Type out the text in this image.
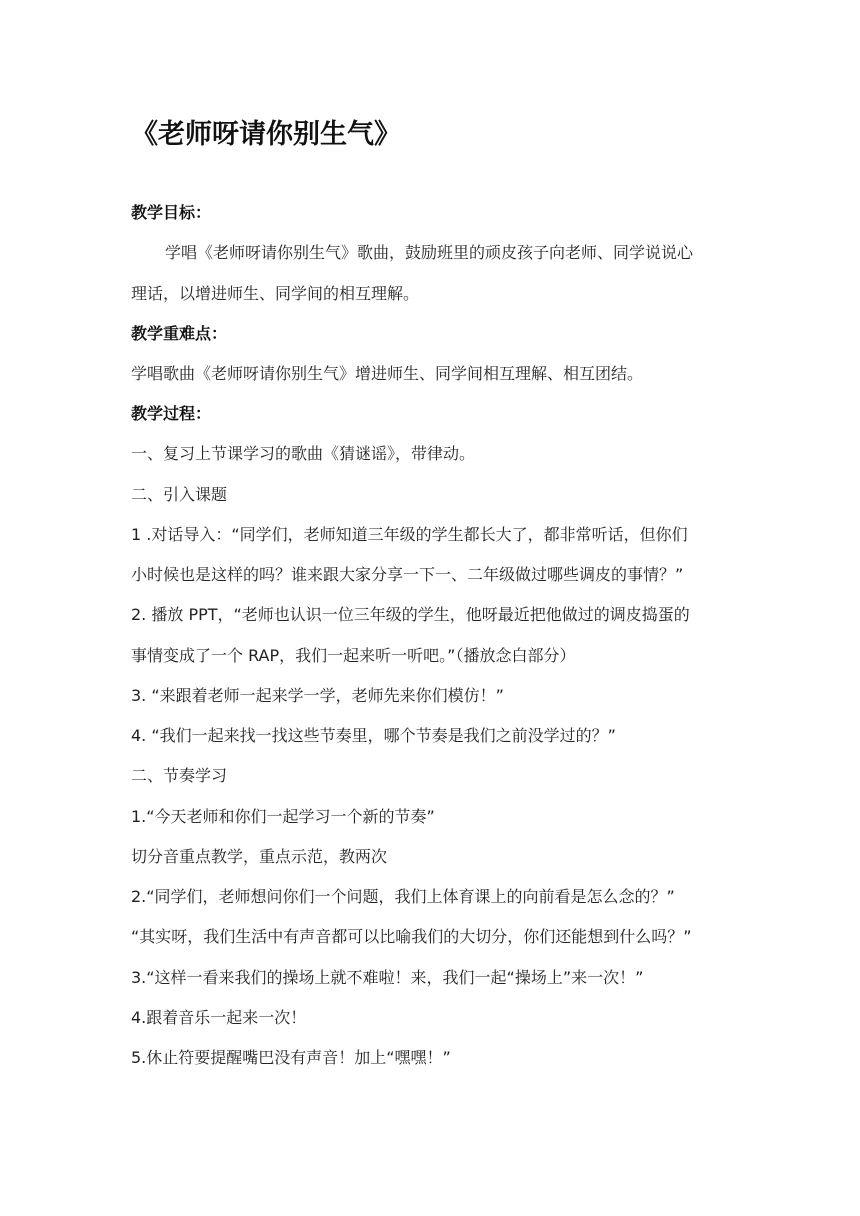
《老师呀请你别生气》
教学目标：
学唱《老师呀请你别生气》歌曲，鼓励班里的顽皮孩子向老师、同学说说心
理话，以增进师生、同学间的相互理解。
教学重难点：
学唱歌曲《老师呀请你别生气》增进师生、同学间相互理解、相互团结。
教学过程：
一、复习上节课学习的歌曲《猜谜谣》，带律动。
二、引入课题
1 .对话导入：“同学们，老师知道三年级的学生都长大了，都非常听话，但你们
小时候也是这样的吗？谁来跟大家分享一下一、二年级做过哪些调皮的事情？”
2. 播放 PPT，“老师也认识一位三年级的学生，他呀最近把他做过的调皮捣蛋的
事情变成了一个 RAP，我们一起来听一听吧。”（播放念白部分）
3. “来跟着老师一起来学一学，老师先来你们模仿！”
4. “我们一起来找一找这些节奏里，哪个节奏是我们之前没学过的？”
二、节奏学习
1.“今天老师和你们一起学习一个新的节奏”
切分音重点教学，重点示范，教两次
2.“同学们，老师想问你们一个问题，我们上体育课上的向前看是怎么念的？”
“其实呀，我们生活中有声音都可以比喻我们的大切分，你们还能想到什么吗？”
3.“这样一看来我们的操场上就不难啦！来，我们一起“操场上”来一次！”
4.跟着音乐一起来一次！
5.休止符要提醒嘴巴没有声音！加上“嘿嘿！”
